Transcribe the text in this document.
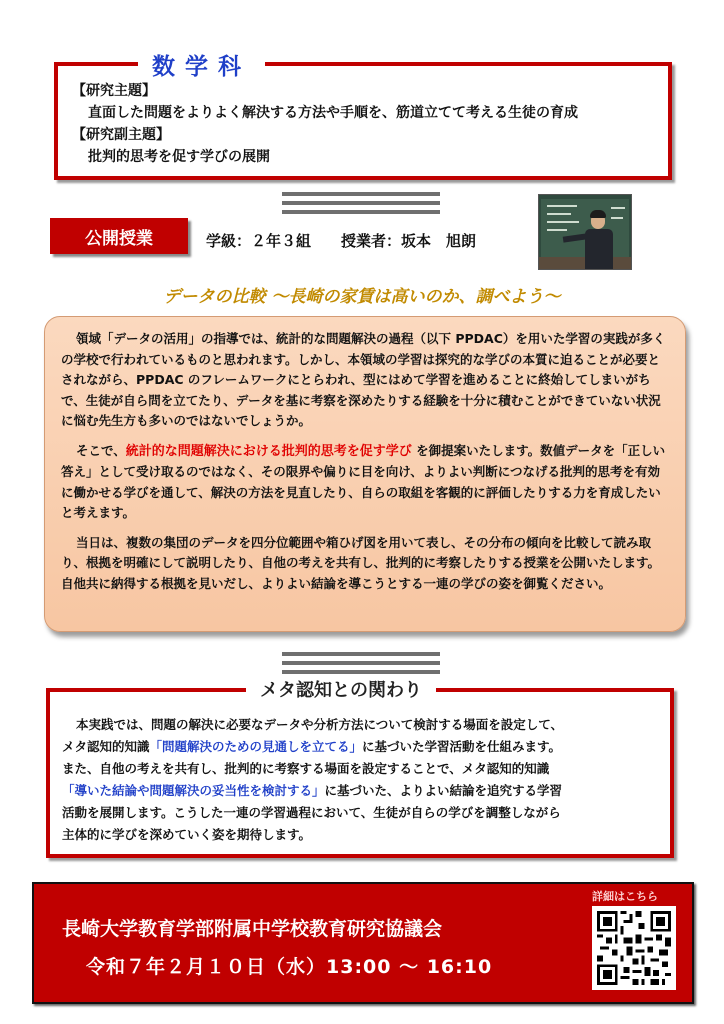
数学科
【研究主題】
直面した問題をよりよく解決する方法や手順を、筋道立てて考える生徒の育成
【研究副主題】
批判的思考を促す学びの展開
公開授業	学級：２年３組　　授業者：坂本　旭朗
データの比較 ～長崎の家賃は高いのか、調べよう～

領域「データの活用」の指導では、統計的な問題解決の過程（以下 PPDAC）を用いた学習の実践が多くの学校で行われているものと思われます。しかし、本領域の学習は探究的な学びの本質に迫ることが必要とされながら、PPDAC のフレームワークにとらわれ、型にはめて学習を進めることに終始してしまいがちで、生徒が自ら問を立てたり、データを基に考察を深めたりする経験を十分に積むことができていない状況に悩む先生方も多いのではないでしょうか。

そこで、統計的な問題解決における批判的思考を促す学び を御提案いたします。数値データを「正しい答え」として受け取るのではなく、その限界や偏りに目を向け、よりよい判断につなげる批判的思考を有効に働かせる学びを通して、解決の方法を見直したり、自らの取組を客観的に評価したりする力を育成したいと考えます。

当日は、複数の集団のデータを四分位範囲や箱ひげ図を用いて表し、その分布の傾向を比較して読み取り、根拠を明確にして説明したり、自他の考えを共有し、批判的に考察したりする授業を公開いたします。自他共に納得する根拠を見いだし、よりよい結論を導こうとする一連の学びの姿を御覧ください。

メタ認知との関わり
本実践では、問題の解決に必要なデータや分析方法について検討する場面を設定して、
メタ認知的知識「問題解決のための見通しを立てる」に基づいた学習活動を仕組みます。
また、自他の考えを共有し、批判的に考察する場面を設定することで、メタ認知的知識
「導いた結論や問題解決の妥当性を検討する」に基づいた、よりよい結論を追究する学習
活動を展開します。こうした一連の学習過程において、生徒が自らの学びを調整しながら
主体的に学びを深めていく姿を期待します。
長崎大学教育学部附属中学校教育研究協議会
令和７年２月１０日（水）13:00 ～ 16:10
詳細はこちら
